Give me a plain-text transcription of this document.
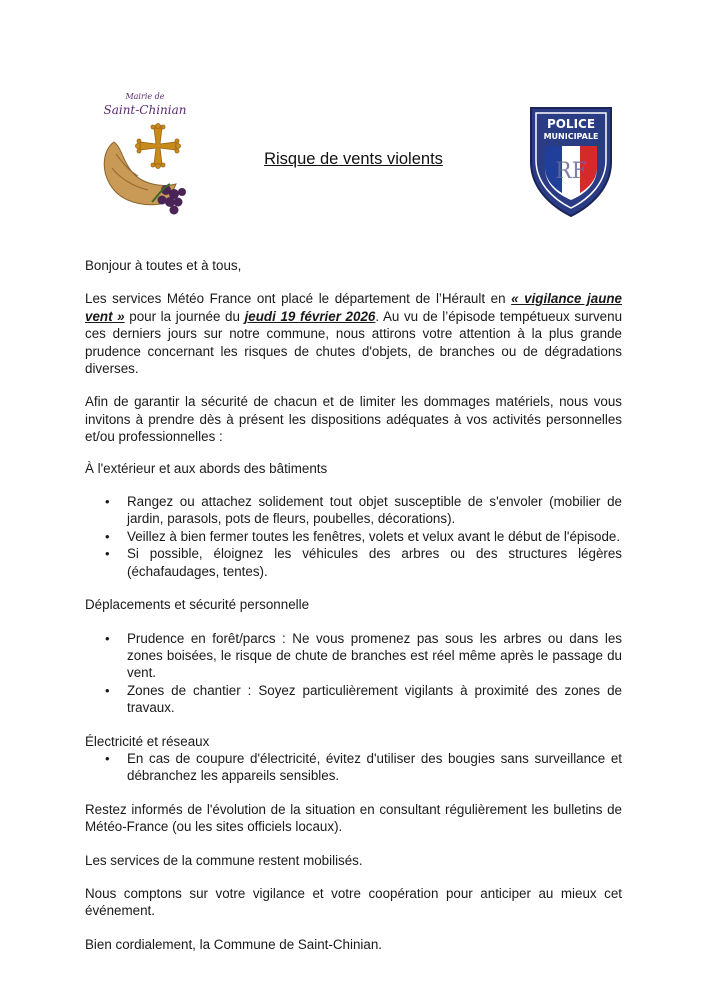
Mairie de
Saint-Chinian
POLICE
MUNICIPALE
RF
Risque de vents violents

Bonjour à toutes et à tous,

Les services Météo France ont placé le département de l’Hérault en « vigilance jaune vent » pour la journée du jeudi 19 février 2026. Au vu de l’épisode tempétueux survenu ces derniers jours sur notre commune, nous attirons votre attention à la plus grande prudence concernant les risques de chutes d'objets, de branches ou de dégradations diverses.

Afin de garantir la sécurité de chacun et de limiter les dommages matériels, nous vous invitons à prendre dès à présent les dispositions adéquates à vos activités personnelles et/ou professionnelles :

À l'extérieur et aux abords des bâtiments

• Rangez ou attachez solidement tout objet susceptible de s'envoler (mobilier de jardin, parasols, pots de fleurs, poubelles, décorations).
• Veillez à bien fermer toutes les fenêtres, volets et velux avant le début de l'épisode.
• Si possible, éloignez les véhicules des arbres ou des structures légères (échafaudages, tentes).

Déplacements et sécurité personnelle

• Prudence en forêt/parcs : Ne vous promenez pas sous les arbres ou dans les zones boisées, le risque de chute de branches est réel même après le passage du vent.
• Zones de chantier : Soyez particulièrement vigilants à proximité des zones de travaux.

Électricité et réseaux

• En cas de coupure d'électricité, évitez d'utiliser des bougies sans surveillance et débranchez les appareils sensibles.

Restez informés de l'évolution de la situation en consultant régulièrement les bulletins de Météo-France (ou les sites officiels locaux).

Les services de la commune restent mobilisés.

Nous comptons sur votre vigilance et votre coopération pour anticiper au mieux cet événement.

Bien cordialement, la Commune de Saint-Chinian.
